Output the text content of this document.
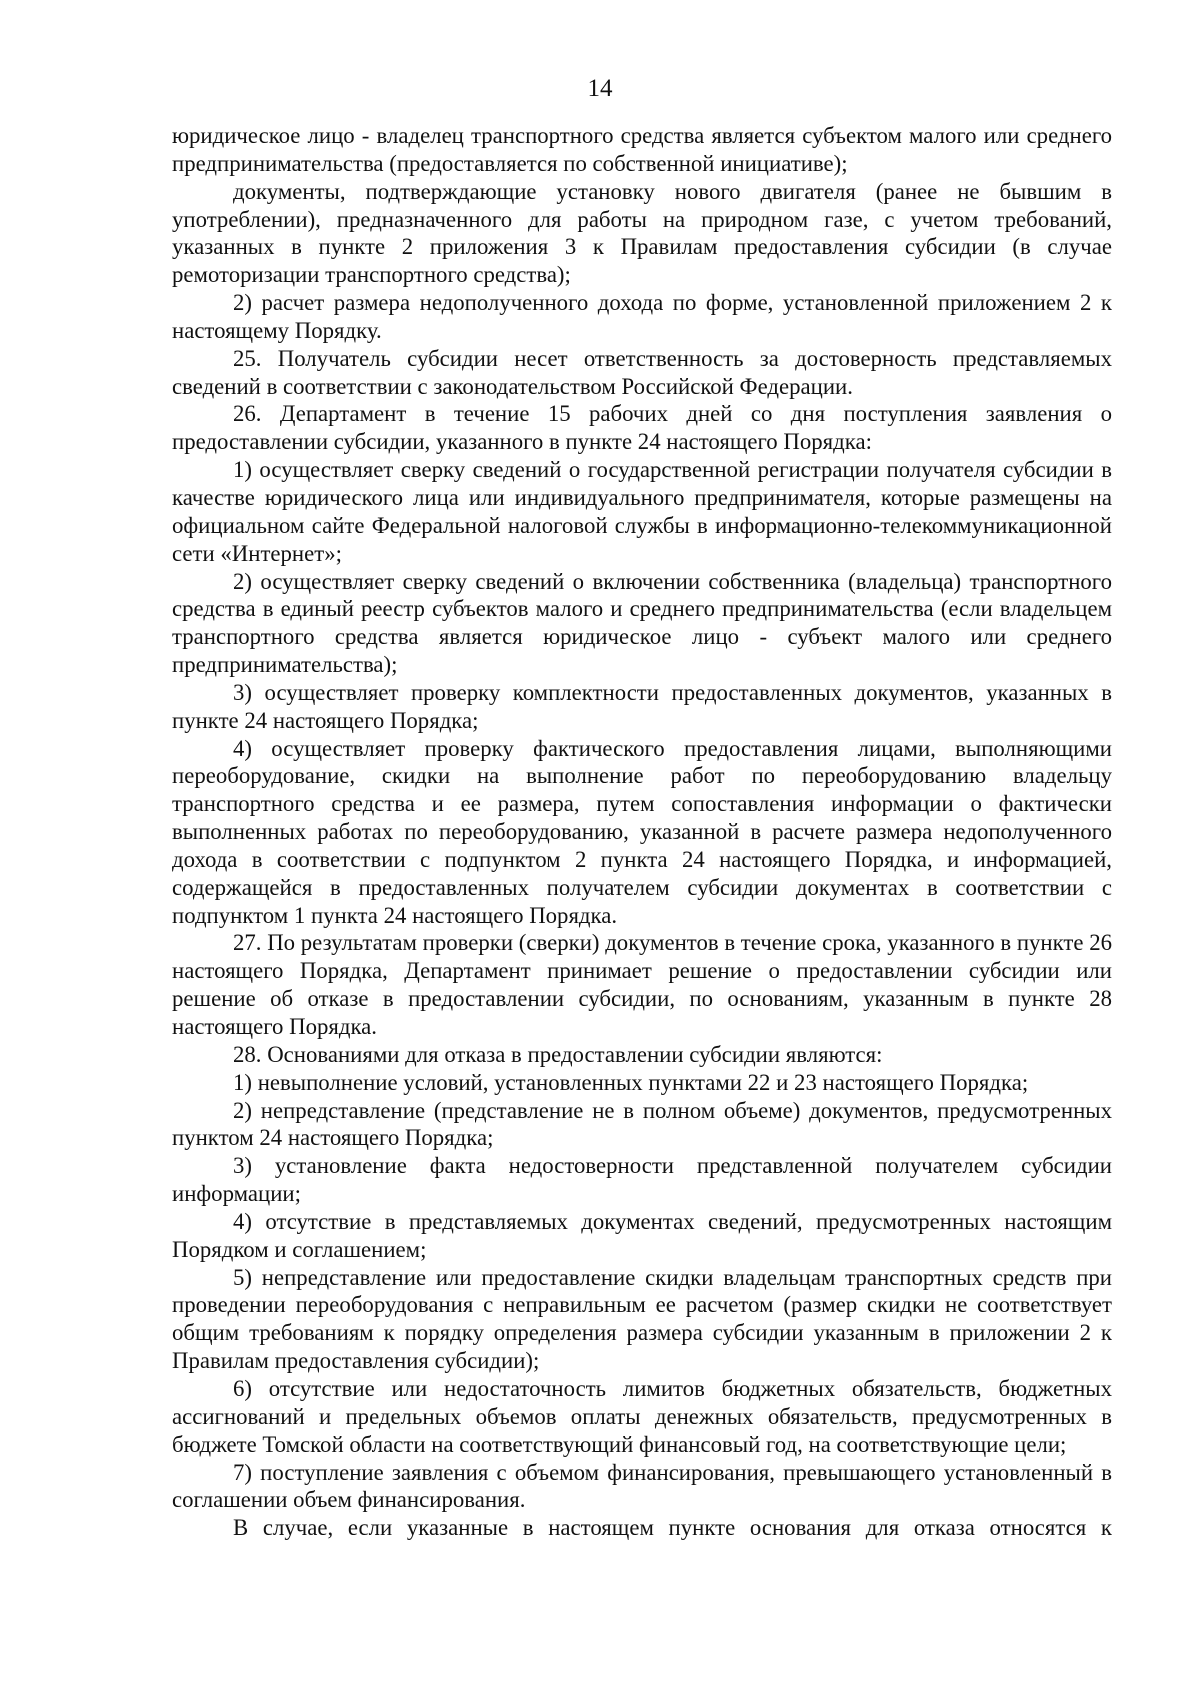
14

юридическое лицо - владелец транспортного средства является субъектом малого или среднего предпринимательства (предоставляется по собственной инициативе);

документы, подтверждающие установку нового двигателя (ранее не бывшим в употреблении), предназначенного для работы на природном газе, с учетом требований, указанных в пункте 2 приложения 3 к Правилам предоставления субсидии (в случае ремоторизации транспортного средства);

2) расчет размера недополученного дохода по форме, установленной приложением 2 к настоящему Порядку.

25. Получатель субсидии несет ответственность за достоверность представляемых сведений в соответствии с законодательством Российской Федерации.

26. Департамент в течение 15 рабочих дней со дня поступления заявления о предоставлении субсидии, указанного в пункте 24 настоящего Порядка:

1) осуществляет сверку сведений о государственной регистрации получателя субсидии в качестве юридического лица или индивидуального предпринимателя, которые размещены на официальном сайте Федеральной налоговой службы в информационно-телекоммуникационной сети «Интернет»;

2) осуществляет сверку сведений о включении собственника (владельца) транспортного средства в единый реестр субъектов малого и среднего предпринимательства (если владельцем транспортного средства является юридическое лицо - субъект малого или среднего предпринимательства);

3) осуществляет проверку комплектности предоставленных документов, указанных в пункте 24 настоящего Порядка;

4) осуществляет проверку фактического предоставления лицами, выполняющими переоборудование, скидки на выполнение работ по переоборудованию владельцу транспортного средства и ее размера, путем сопоставления информации о фактически выполненных работах по переоборудованию, указанной в расчете размера недополученного дохода в соответствии с подпунктом 2 пункта 24 настоящего Порядка, и информацией, содержащейся в предоставленных получателем субсидии документах в соответствии с подпунктом 1 пункта 24 настоящего Порядка.

27. По результатам проверки (сверки) документов в течение срока, указанного в пункте 26 настоящего Порядка, Департамент принимает решение о предоставлении субсидии или решение об отказе в предоставлении субсидии, по основаниям, указанным в пункте 28 настоящего Порядка.

28. Основаниями для отказа в предоставлении субсидии являются:

1) невыполнение условий, установленных пунктами 22 и 23 настоящего Порядка;

2) непредставление (представление не в полном объеме) документов, предусмотренных пунктом 24 настоящего Порядка;

3) установление факта недостоверности представленной получателем субсидии информации;

4) отсутствие в представляемых документах сведений, предусмотренных настоящим Порядком и соглашением;

5) непредставление или предоставление скидки владельцам транспортных средств при проведении переоборудования с неправильным ее расчетом (размер скидки не соответствует общим требованиям к порядку определения размера субсидии указанным в приложении 2 к Правилам предоставления субсидии);

6) отсутствие или недостаточность лимитов бюджетных обязательств, бюджетных ассигнований и предельных объемов оплаты денежных обязательств, предусмотренных в бюджете Томской области на соответствующий финансовый год, на соответствующие цели;

7) поступление заявления с объемом финансирования, превышающего установленный в соглашении объем финансирования.

В случае, если указанные в настоящем пункте основания для отказа относятся к
